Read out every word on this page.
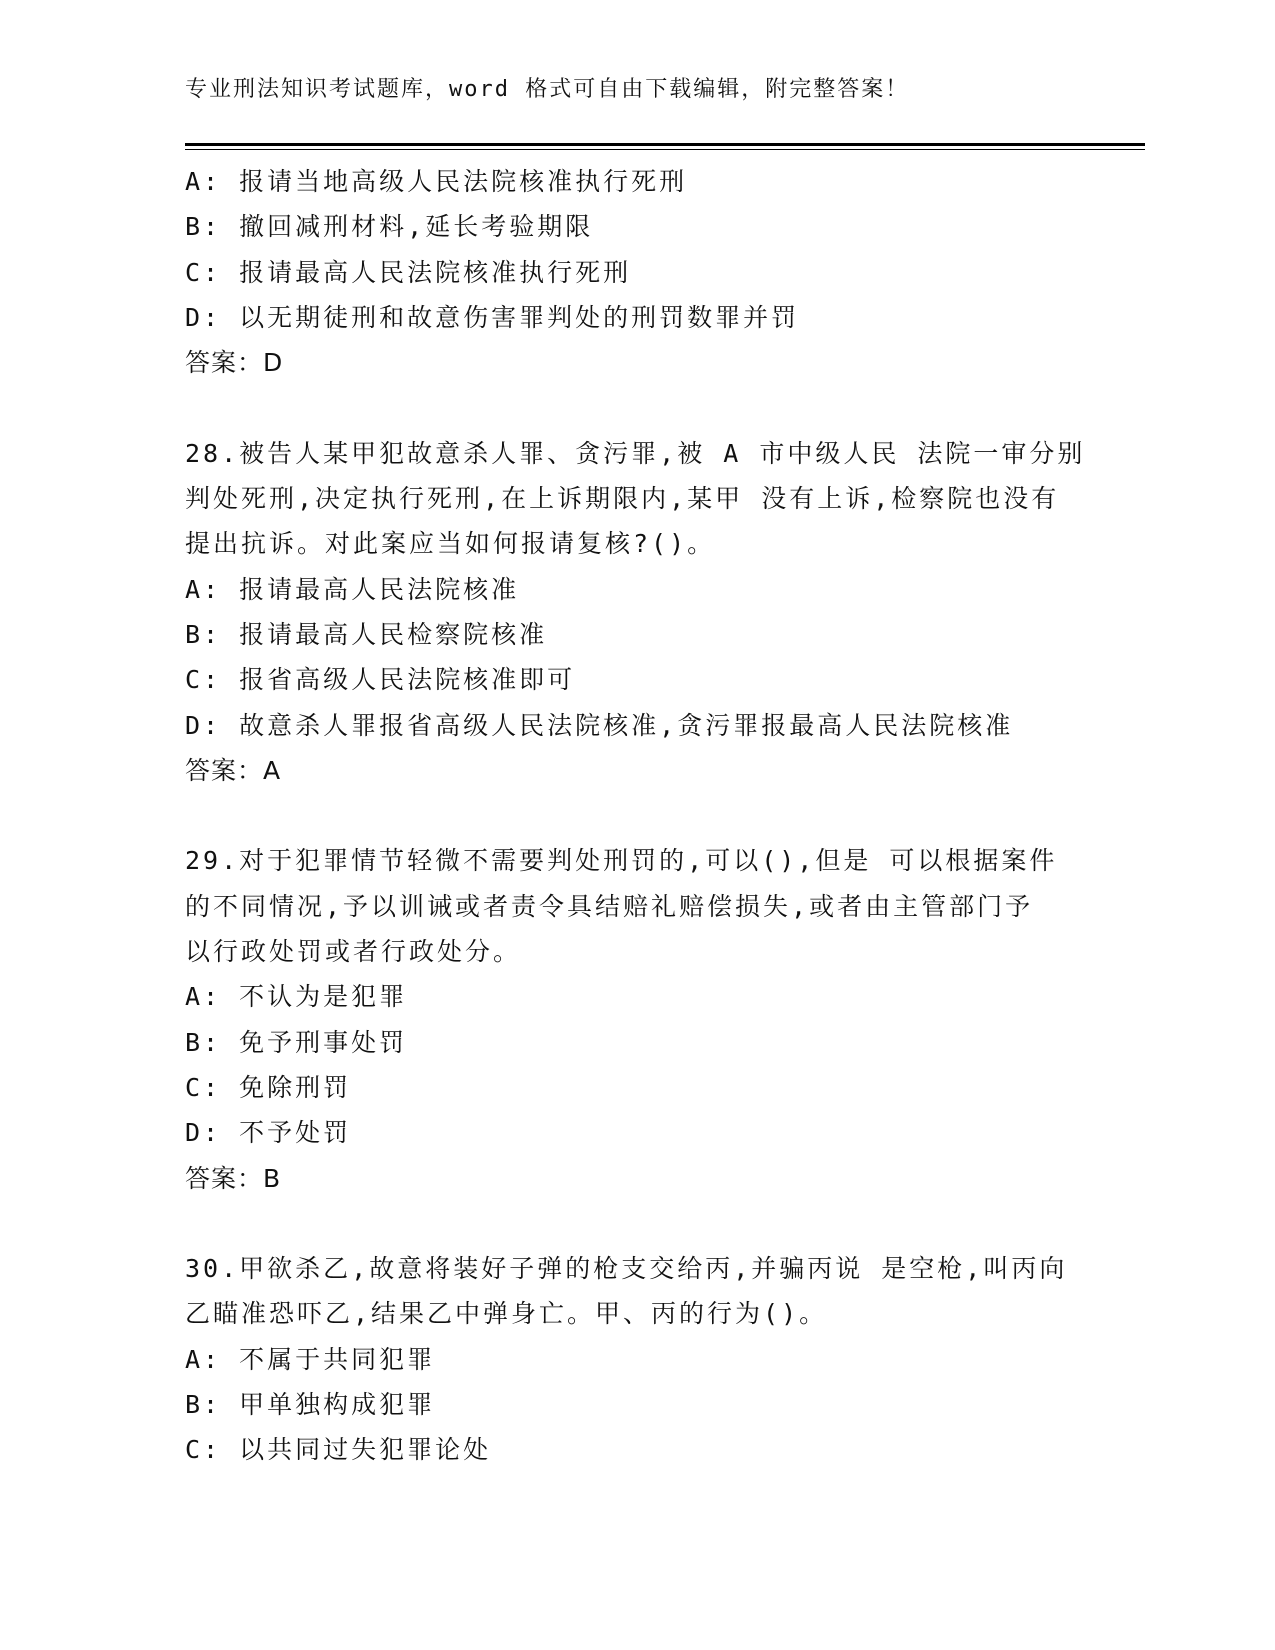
专业刑法知识考试题库，word 格式可自由下载编辑，附完整答案！
A: 报请当地高级人民法院核准执行死刑
B: 撤回减刑材料,延长考验期限
C: 报请最高人民法院核准执行死刑
D: 以无期徒刑和故意伤害罪判处的刑罚数罪并罚
答案：D
28.被告人某甲犯故意杀人罪、贪污罪,被 A 市中级人民 法院一审分别
判处死刑,决定执行死刑,在上诉期限内,某甲 没有上诉,检察院也没有
提出抗诉。对此案应当如何报请复核?()。
A: 报请最高人民法院核准
B: 报请最高人民检察院核准
C: 报省高级人民法院核准即可
D: 故意杀人罪报省高级人民法院核准,贪污罪报最高人民法院核准
答案：A
29.对于犯罪情节轻微不需要判处刑罚的,可以(),但是 可以根据案件
的不同情况,予以训诫或者责令具结赔礼赔偿损失,或者由主管部门予
以行政处罚或者行政处分。
A: 不认为是犯罪
B: 免予刑事处罚
C: 免除刑罚
D: 不予处罚
答案：B
30.甲欲杀乙,故意将装好子弹的枪支交给丙,并骗丙说 是空枪,叫丙向
乙瞄准恐吓乙,结果乙中弹身亡。甲、丙的行为()。
A: 不属于共同犯罪
B: 甲单独构成犯罪
C: 以共同过失犯罪论处
